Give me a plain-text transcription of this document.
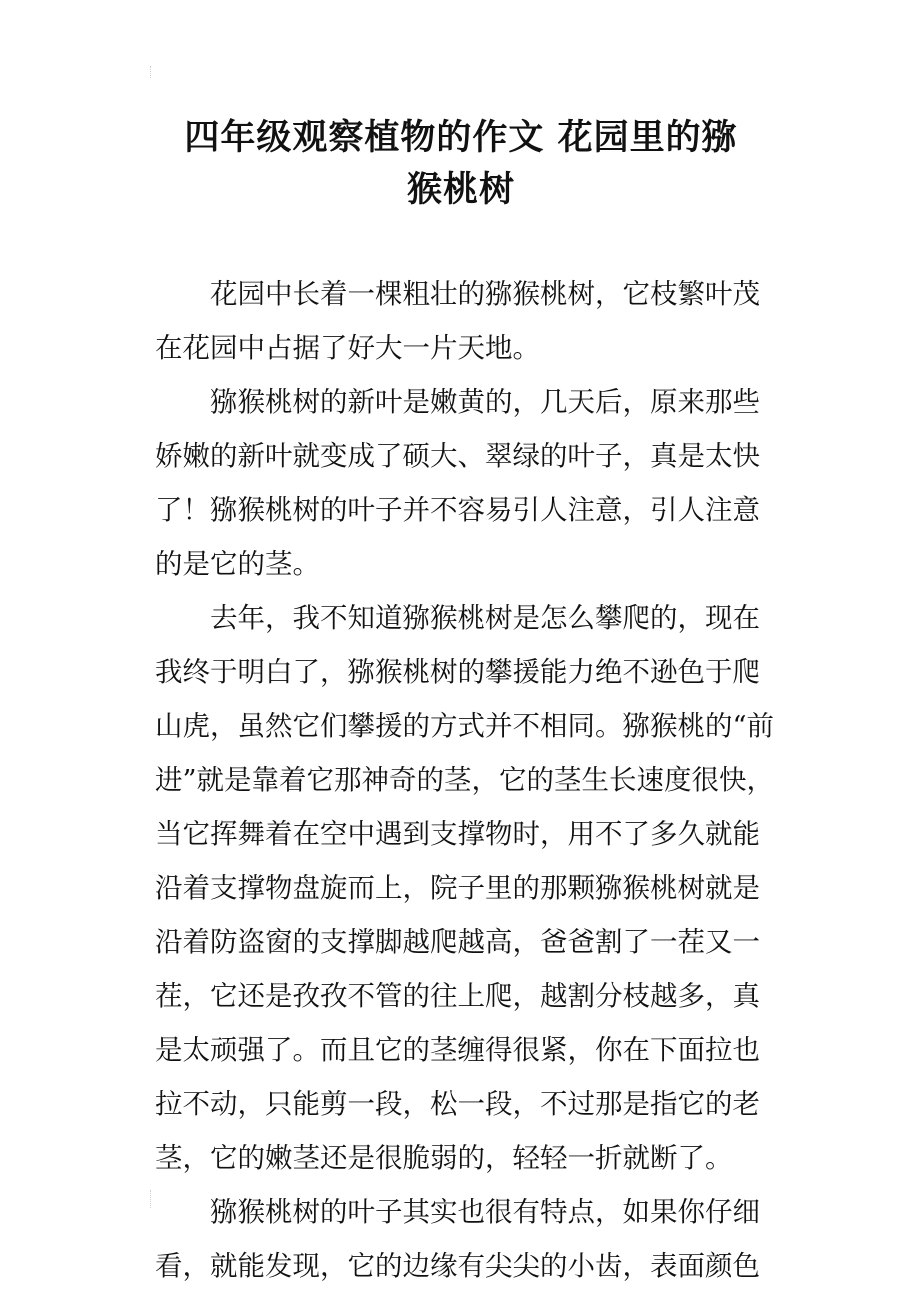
四年级观察植物的作文 花园里的猕
猴桃树
花园中长着一棵粗壮的猕猴桃树，它枝繁叶茂
在花园中占据了好大一片天地。
猕猴桃树的新叶是嫩黄的，几天后，原来那些
娇嫩的新叶就变成了硕大、翠绿的叶子，真是太快
了！猕猴桃树的叶子并不容易引人注意，引人注意
的是它的茎。
去年，我不知道猕猴桃树是怎么攀爬的，现在
我终于明白了，猕猴桃树的攀援能力绝不逊色于爬
山虎，虽然它们攀援的方式并不相同。猕猴桃的“前
进”就是靠着它那神奇的茎，它的茎生长速度很快，
当它挥舞着在空中遇到支撑物时，用不了多久就能
沿着支撑物盘旋而上，院子里的那颗猕猴桃树就是
沿着防盗窗的支撑脚越爬越高，爸爸割了一茬又一
茬，它还是孜孜不管的往上爬，越割分枝越多，真
是太顽强了。而且它的茎缠得很紧，你在下面拉也
拉不动，只能剪一段，松一段，不过那是指它的老
茎，它的嫩茎还是很脆弱的，轻轻一折就断了。
猕猴桃树的叶子其实也很有特点，如果你仔细
看，就能发现，它的边缘有尖尖的小齿，表面颜色
